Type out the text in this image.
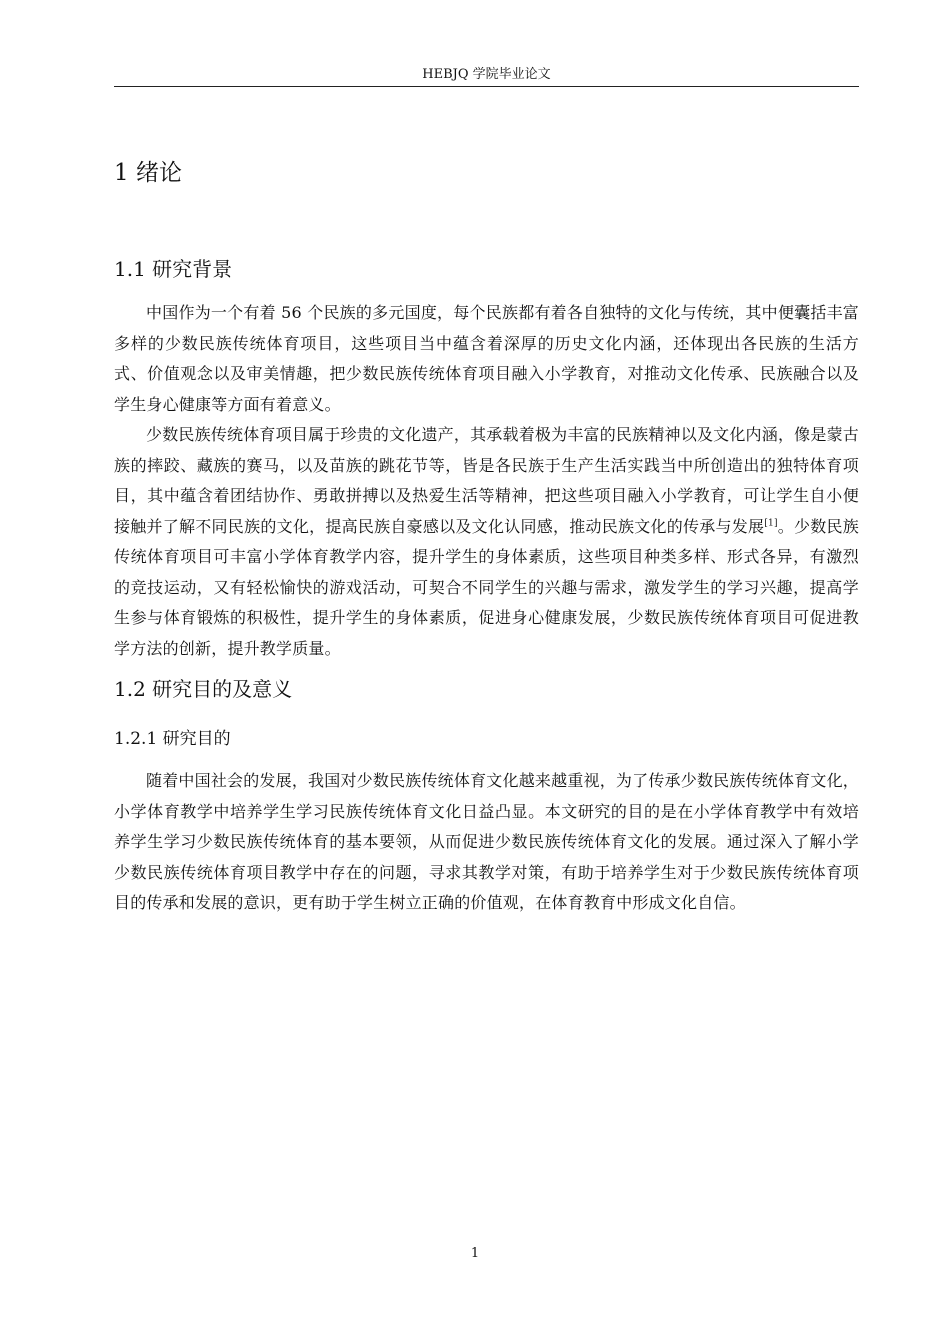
HEBJQ 学院毕业论文
1 绪论
1.1 研究背景

中国作为一个有着 56 个民族的多元国度，每个民族都有着各自独特的文化与传统，其中便囊括丰富多样的少数民族传统体育项目，这些项目当中蕴含着深厚的历史文化内涵，还体现出各民族的生活方式、价值观念以及审美情趣，把少数民族传统体育项目融入小学教育，对推动文化传承、民族融合以及学生身心健康等方面有着意义。

少数民族传统体育项目属于珍贵的文化遗产，其承载着极为丰富的民族精神以及文化内涵，像是蒙古族的摔跤、藏族的赛马，以及苗族的跳花节等，皆是各民族于生产生活实践当中所创造出的独特体育项目，其中蕴含着团结协作、勇敢拼搏以及热爱生活等精神，把这些项目融入小学教育，可让学生自小便接触并了解不同民族的文化，提高民族自豪感以及文化认同感，推动民族文化的传承与发展[1]。少数民族传统体育项目可丰富小学体育教学内容，提升学生的身体素质，这些项目种类多样、形式各异，有激烈的竞技运动，又有轻松愉快的游戏活动，可契合不同学生的兴趣与需求，激发学生的学习兴趣，提高学生参与体育锻炼的积极性，提升学生的身体素质，促进身心健康发展，少数民族传统体育项目可促进教学方法的创新，提升教学质量。

1.2 研究目的及意义
1.2.1 研究目的

随着中国社会的发展，我国对少数民族传统体育文化越来越重视，为了传承少数民族传统体育文化，小学体育教学中培养学生学习民族传统体育文化日益凸显。本文研究的目的是在小学体育教学中有效培养学生学习少数民族传统体育的基本要领，从而促进少数民族传统体育文化的发展。通过深入了解小学少数民族传统体育项目教学中存在的问题，寻求其教学对策，有助于培养学生对于少数民族传统体育项目的传承和发展的意识，更有助于学生树立正确的价值观，在体育教育中形成文化自信。

1
